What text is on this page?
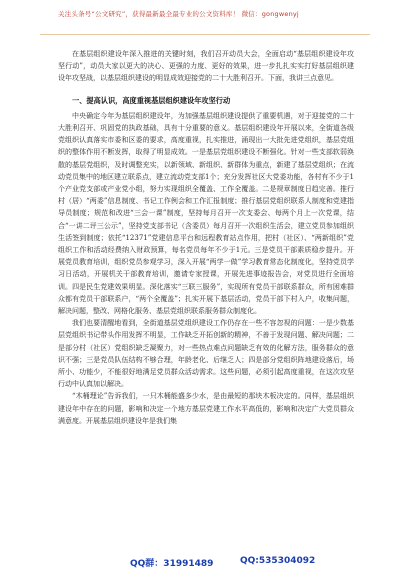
关注头条号“公文研究”，获得最新最全最专业的公文资料库！ 微信：gongwenyj

在基层组织建设年深入推进的关键时刻，我们召开动员大会，全面启动“基层组织建设年攻坚行动”，动员大家以更大的决心、更强的力度、更好的效果，进一步扎扎实实打好基层组织建设年攻坚战，以基层组织建设的明显成效迎接党的二十大胜利召开。下面，我讲三点意见。

一、提高认识，高度重视基层组织建设年攻坚行动

中央确定今年为基层组织建设年，为加强基层组织建设提供了重要机遇，对于迎接党的二十大胜利召开、巩固党的执政基础，具有十分重要的意义。基层组织建设年开展以来，全街道各级党组织认真落实市委和区委的要求，高度重视，扎实推进，涌现出一大批先进党组织，基层党组织的整体作用不断发挥，取得了明显成效。一是基层党组织建设不断强化。针对一些支部软弱涣散的基层党组织，及时调整充实，以新领域、新组织、新群体为重点，新建了基层党组织；在流动党员集中的地区建立联系点，建立流动党支部1个；充分发挥社区大党委功能，各村有不少于1个产业党支部或产业党小组，努力实现组织全覆盖、工作全覆盖。二是规章制度日趋完善。推行村（居）“两委”信息制度、书记工作例会和工作汇报制度；推行基层党组织联系人制度和党建指导员制度；规范和改进“三会一课”制度，坚持每月召开一次支委会、每两个月上一次党课，结合“一讲二评三公示”，坚持党支部书记（含委员）每月召开一次组织生活会，建立党员参加组织生活签到制度；依托“12371”党建信息平台和远程教育站点作用，把村（社区）、“两新组织”党组织工作和活动经费纳入财政预算，每名党员每年不少于1元。三是党员干部素质稳步提升。开展党员教育培训，组织党员参观学习，深入开展“两学一做”学习教育常态化制度化，坚持党员学习日活动，开展机关干部教育培训，邀请专家授课，开展先进事迹报告会，对党员进行全面培训。四是民生党建效果明显。深化落实“三联三服务”，实现所有党员干部联系群众，所有困难群众都有党员干部联系户，“两个全覆盖”；扎实开展下基层活动，党员干部下村入户，收集问题，解决问题，整改、网格化服务、基层党组织联系服务群众制度化。

我们也要清醒地看到，全街道基层党组织建设工作仍存在一些不容忽视的问题：一是少数基层党组织书记带头作用发挥不明显，工作缺乏开拓创新的精神，不善于发现问题、解决问题；二是部分村（社区）党组织缺乏凝聚力，对一些热点难点问题缺乏有效的化解方法，服务群众的意识不强；三是党员队伍结构不够合理，年龄老化、后继乏人；四是部分党组织阵地建设落后，场所小、功能少，不能很好地满足党员群众活动需求。这些问题，必须引起高度重视，在这次攻坚行动中认真加以解决。

“木桶理论”告诉我们，一只木桶能盛多少水，是由最短的那块木板决定的。同样，基层组织建设年中存在的问题，影响和决定一个地方基层党建工作水平高低的，影响和决定广大党员群众满意度。开展基层组织建设年是我们集

QQ群：31991489	QQ:535304092
